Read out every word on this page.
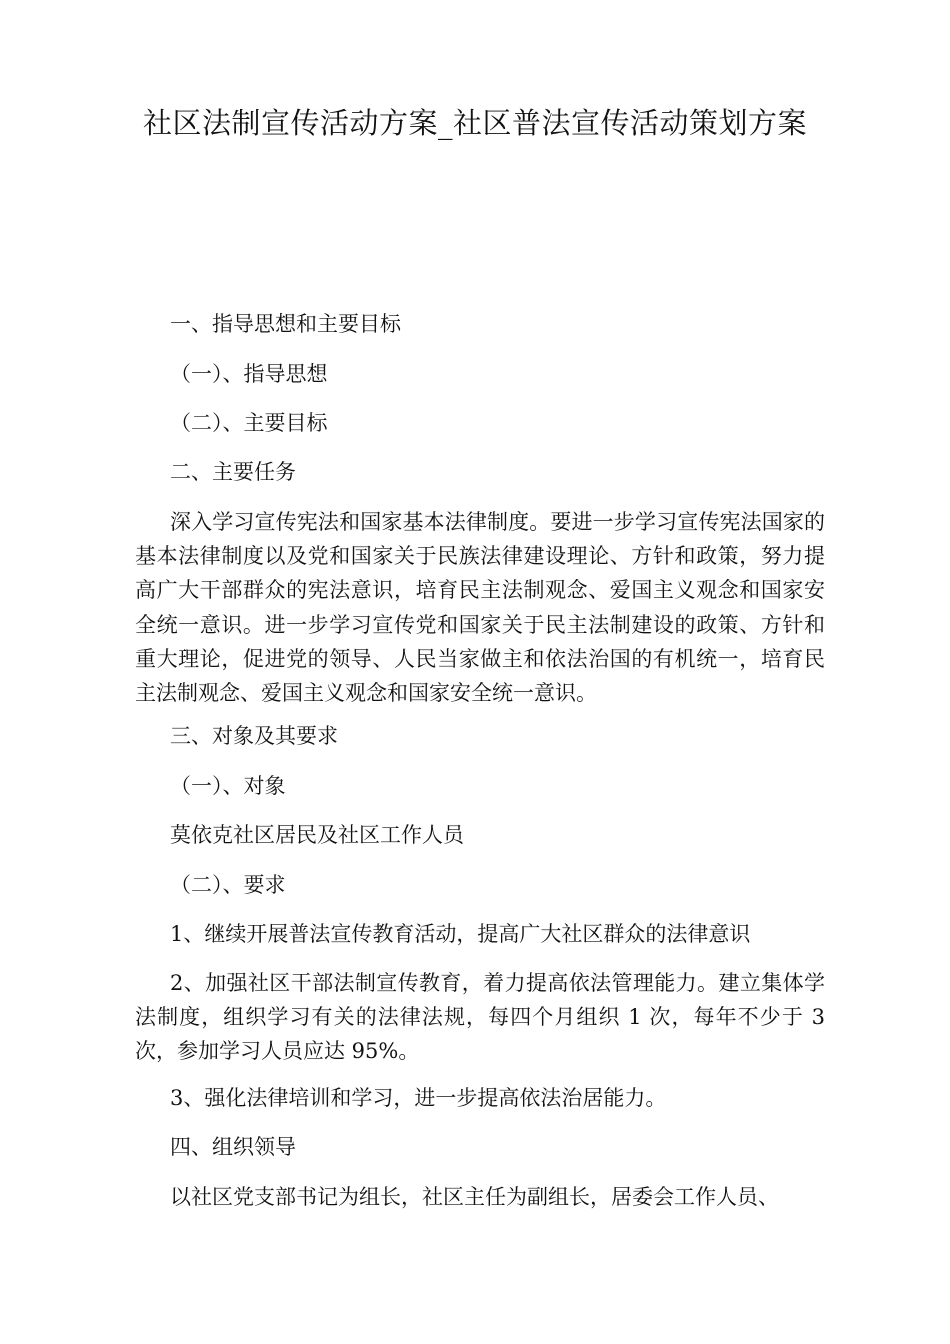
社区法制宣传活动方案_社区普法宣传活动策划方案

一、指导思想和主要目标

（一）、指导思想

（二）、主要目标

二、主要任务

深入学习宣传宪法和国家基本法律制度。要进一步学习宣传宪法国家的基本法律制度以及党和国家关于民族法律建设理论、方针和政策，努力提高广大干部群众的宪法意识，培育民主法制观念、爱国主义观念和国家安全统一意识。进一步学习宣传党和国家关于民主法制建设的政策、方针和重大理论，促进党的领导、人民当家做主和依法治国的有机统一，培育民主法制观念、爱国主义观念和国家安全统一意识。

三、对象及其要求

（一）、对象

莫依克社区居民及社区工作人员

（二）、要求

1、继续开展普法宣传教育活动，提高广大社区群众的法律意识

2、加强社区干部法制宣传教育，着力提高依法管理能力。建立集体学法制度，组织学习有关的法律法规，每四个月组织 1 次，每年不少于 3 次，参加学习人员应达 95%。

3、强化法律培训和学习，进一步提高依法治居能力。

四、组织领导

以社区党支部书记为组长，社区主任为副组长，居委会工作人员、
